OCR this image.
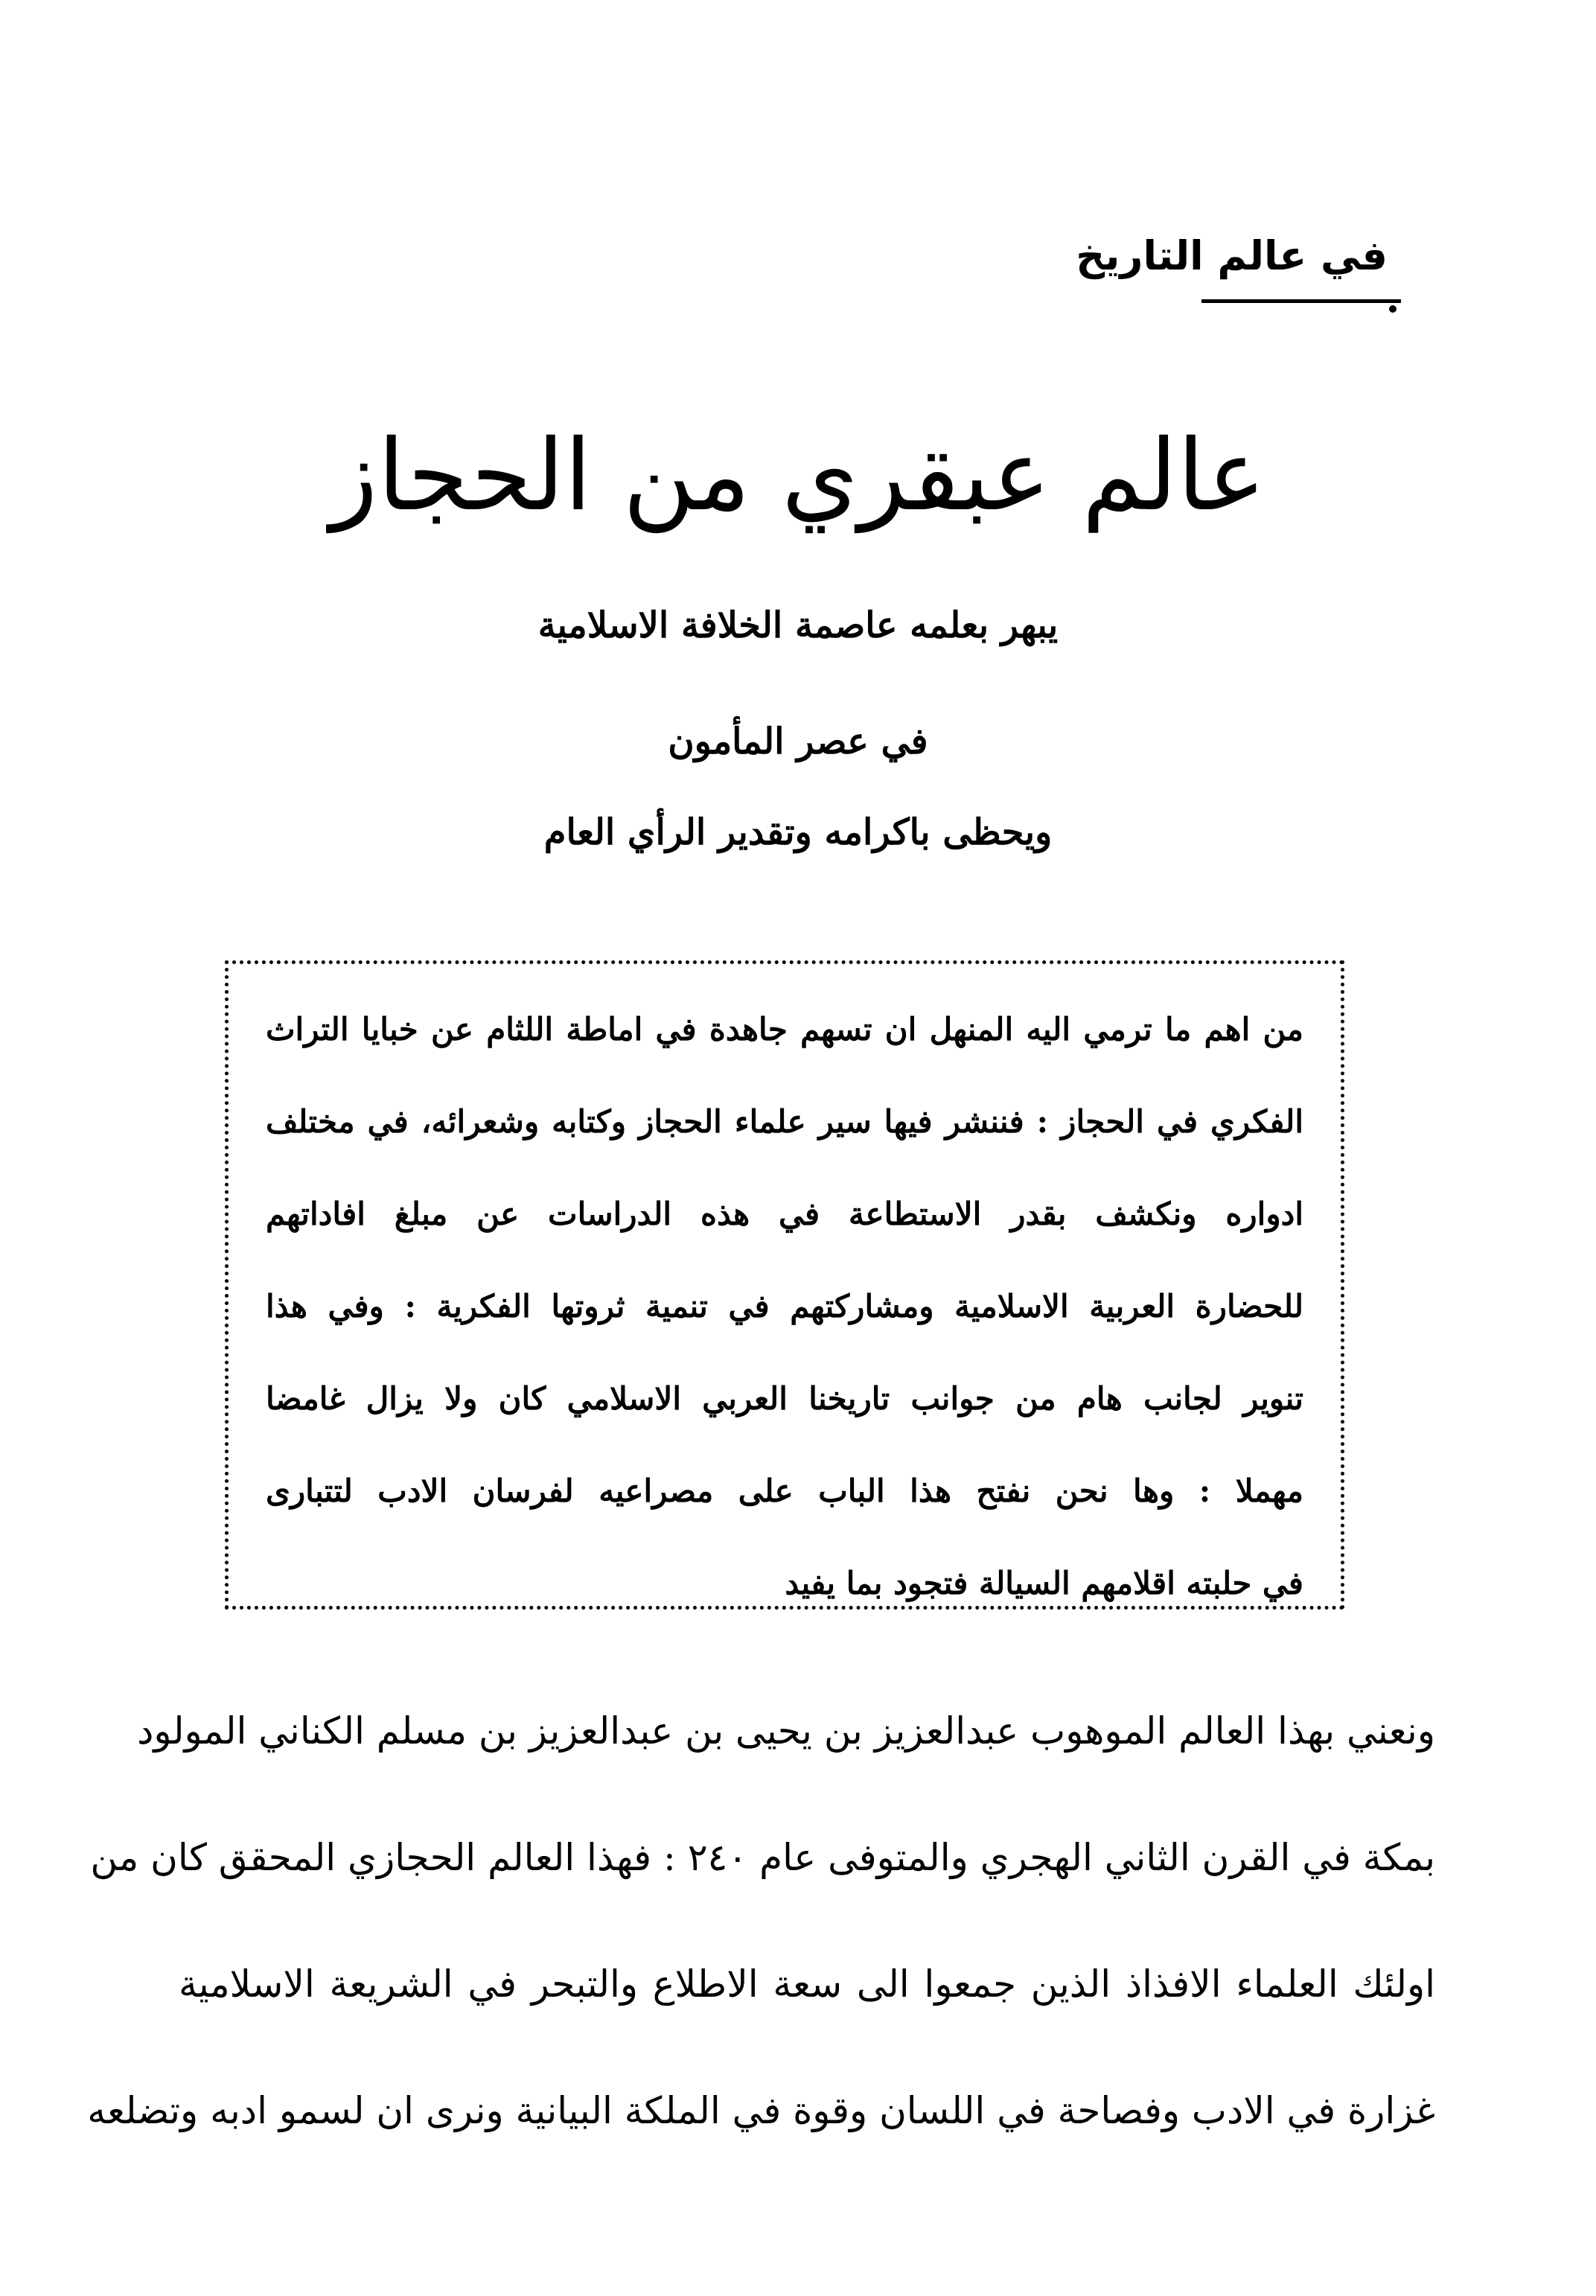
في عالم التاريخ
عالم عبقري من الحجاز
يبهر بعلمه عاصمة الخلافة الاسلامية
في عصر المأمون
ويحظى باكرامه وتقدير الرأي العام
من اهم ما ترمي اليه المنهل ان تسهم جاهدة في اماطة اللثام عن خبايا التراث
الفكري في الحجاز : فننشر فيها سير علماء الحجاز وكتابه وشعرائه، في مختلف
ادواره ونكشف بقدر الاستطاعة في هذه الدراسات عن مبلغ افاداتهم
للحضارة العربية الاسلامية ومشاركتهم في تنمية ثروتها الفكرية : وفي هذا
تنوير لجانب هام من جوانب تاريخنا العربي الاسلامي كان ولا يزال غامضا
مهملا : وها نحن نفتح هذا الباب على مصراعيه لفرسان الادب لتتبارى
في حلبته اقلامهم السيالة فتجود بما يفيد
ونعني بهذا العالم الموهوب عبدالعزيز بن يحيى بن عبدالعزيز بن مسلم الكناني المولود
بمكة في القرن الثاني الهجري والمتوفى عام ٢٤٠ : فهذا العالم الحجازي المحقق كان من
اولئك العلماء الافذاذ الذين جمعوا الى سعة الاطلاع والتبحر في الشريعة الاسلامية
غزارة في الادب وفصاحة في اللسان وقوة في الملكة البيانية ونرى ان لسمو ادبه وتضلعه
